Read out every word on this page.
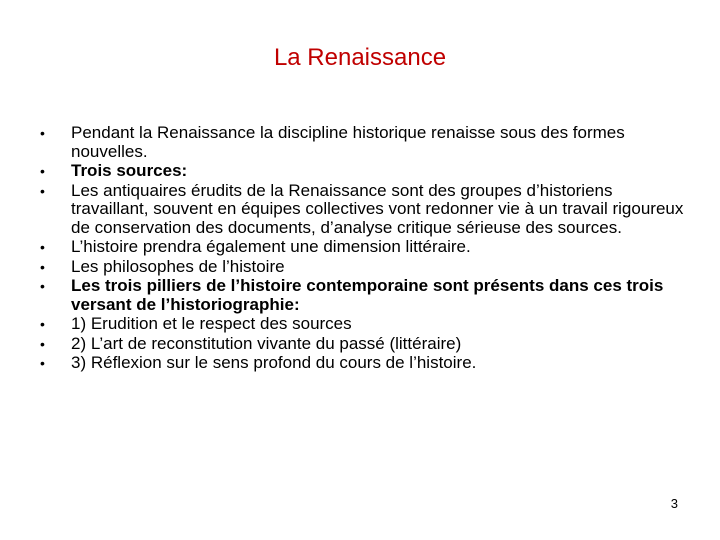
La Renaissance
•	Pendant la Renaissance la discipline historique renaisse sous des formes nouvelles.
•	Trois sources:
•	Les antiquaires érudits de la Renaissance sont des groupes d’historiens travaillant, souvent en équipes collectives vont redonner vie à un travail rigoureux de conservation des documents, d’analyse critique sérieuse des sources.
•	L’histoire prendra également une dimension littéraire.
•	Les philosophes de l’histoire
•	Les trois pilliers de l’histoire contemporaine sont présents dans ces trois versant de l’historiographie:
•	1) Erudition et le respect des sources
•	2) L’art de reconstitution vivante du passé (littéraire)
•	3) Réflexion sur le sens profond du cours de l’histoire.
3
